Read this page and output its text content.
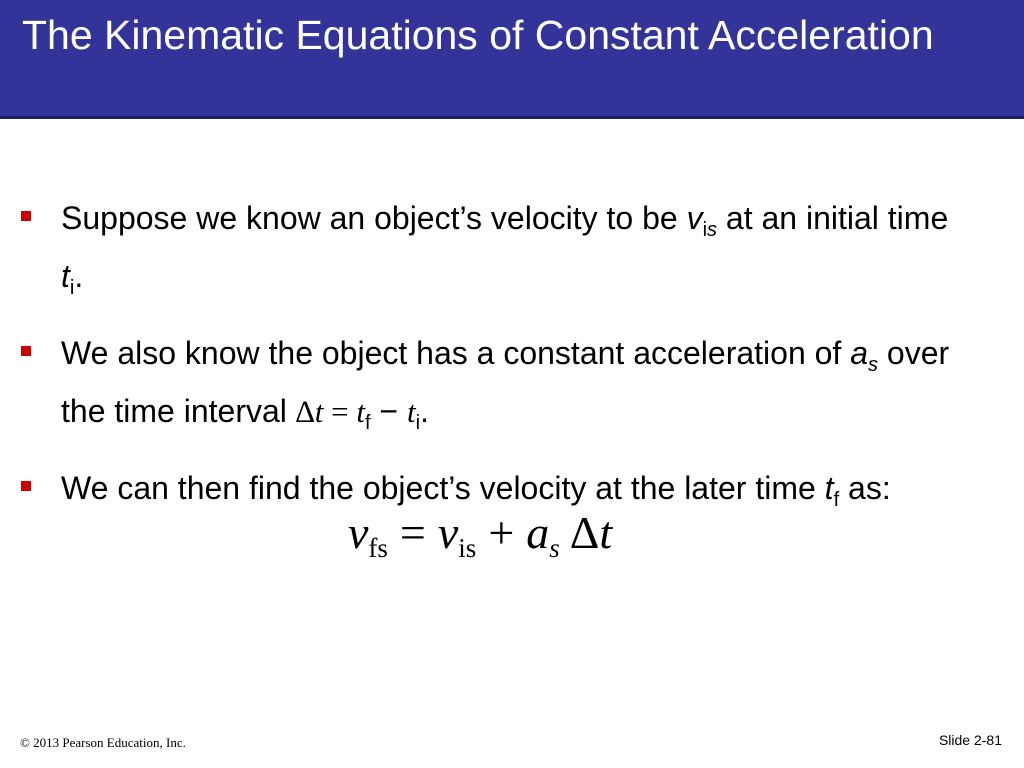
The Kinematic Equations of Constant Acceleration
Suppose we know an object’s velocity to be $v_{is}$ at an initial time $t_i$.
We also know the object has a constant acceleration of $a_s$ over the time interval $\Delta t = t_f - t_i$.
We can then find the object’s velocity at the later time $t_f$ as:
vfs = vis + as Δt

© 2013 Pearson Education, Inc.	Slide 2-81
